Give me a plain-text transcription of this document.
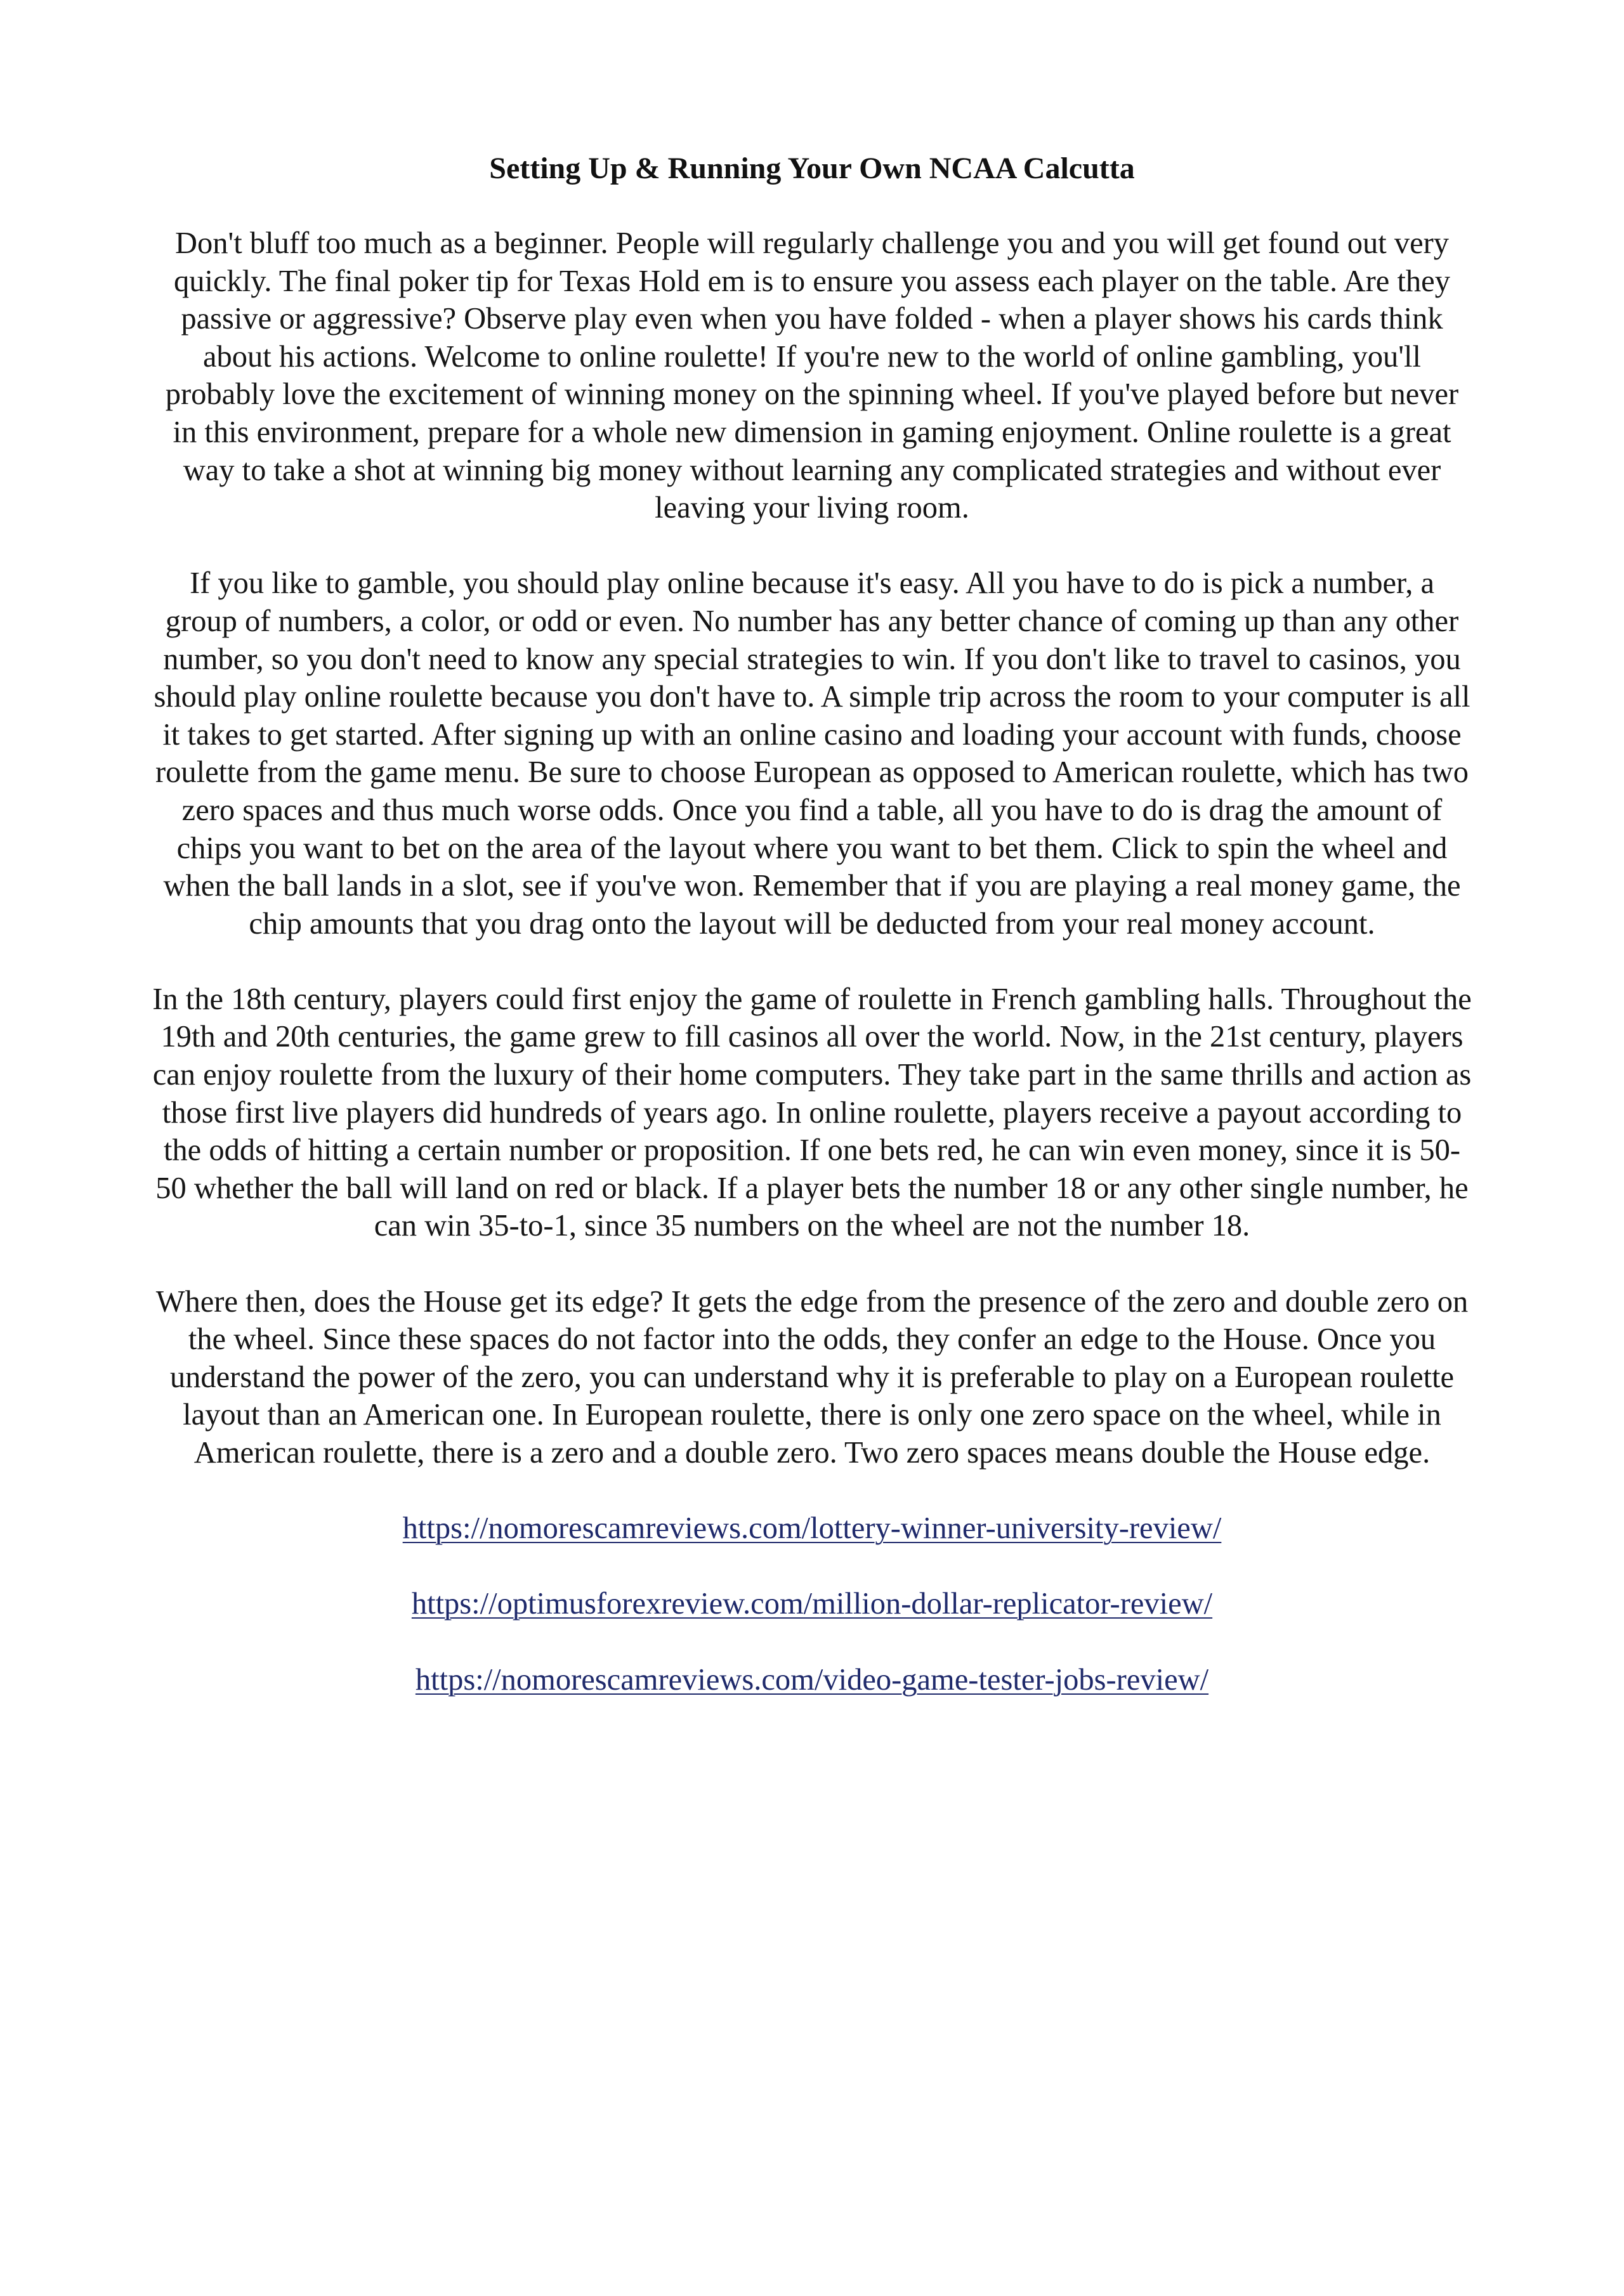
Setting Up & Running Your Own NCAA Calcutta

Don't bluff too much as a beginner. People will regularly challenge you and you will get found out very quickly. The final poker tip for Texas Hold em is to ensure you assess each player on the table. Are they passive or aggressive? Observe play even when you have folded - when a player shows his cards think about his actions. Welcome to online roulette! If you're new to the world of online gambling, you'll probably love the excitement of winning money on the spinning wheel. If you've played before but never in this environment, prepare for a whole new dimension in gaming enjoyment. Online roulette is a great way to take a shot at winning big money without learning any complicated strategies and without ever leaving your living room.

If you like to gamble, you should play online because it's easy. All you have to do is pick a number, a group of numbers, a color, or odd or even. No number has any better chance of coming up than any other number, so you don't need to know any special strategies to win. If you don't like to travel to casinos, you should play online roulette because you don't have to. A simple trip across the room to your computer is all it takes to get started. After signing up with an online casino and loading your account with funds, choose roulette from the game menu. Be sure to choose European as opposed to American roulette, which has two zero spaces and thus much worse odds. Once you find a table, all you have to do is drag the amount of chips you want to bet on the area of the layout where you want to bet them. Click to spin the wheel and when the ball lands in a slot, see if you've won. Remember that if you are playing a real money game, the chip amounts that you drag onto the layout will be deducted from your real money account.

In the 18th century, players could first enjoy the game of roulette in French gambling halls. Throughout the 19th and 20th centuries, the game grew to fill casinos all over the world. Now, in the 21st century, players can enjoy roulette from the luxury of their home computers. They take part in the same thrills and action as those first live players did hundreds of years ago. In online roulette, players receive a payout according to the odds of hitting a certain number or proposition. If one bets red, he can win even money, since it is 50-50 whether the ball will land on red or black. If a player bets the number 18 or any other single number, he can win 35-to-1, since 35 numbers on the wheel are not the number 18.

Where then, does the House get its edge? It gets the edge from the presence of the zero and double zero on the wheel. Since these spaces do not factor into the odds, they confer an edge to the House. Once you understand the power of the zero, you can understand why it is preferable to play on a European roulette layout than an American one. In European roulette, there is only one zero space on the wheel, while in American roulette, there is a zero and a double zero. Two zero spaces means double the House edge.

https://nomorescamreviews.com/lottery-winner-university-review/
https://optimusforexreview.com/million-dollar-replicator-review/
https://nomorescamreviews.com/video-game-tester-jobs-review/
